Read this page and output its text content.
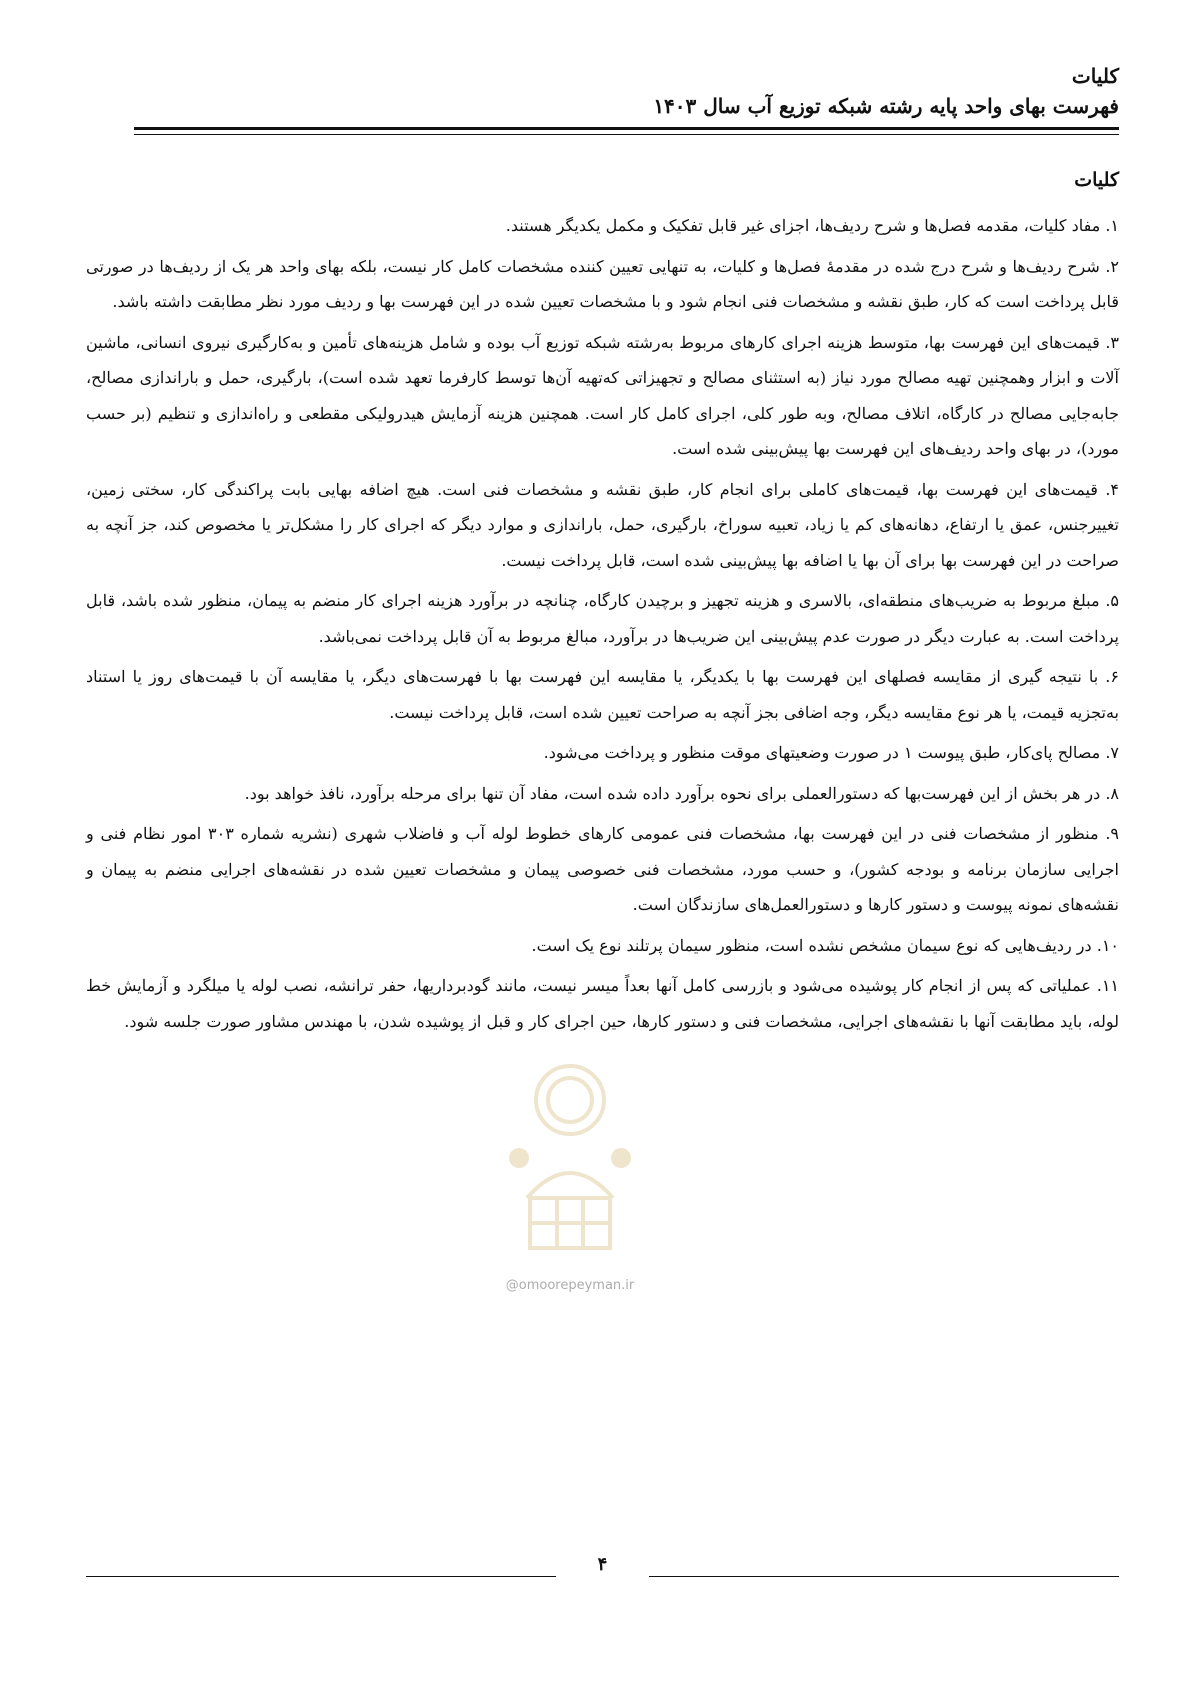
کلیات

فهرست بهای واحد پایه رشته شبکه توزیع آب سال ۱۴۰۳

کلیات

۱. مفاد کلیات، مقدمه فصل‌ها و شرح ردیف‌ها، اجزای غیر قابل تفکیک و مکمل یکدیگر هستند.

۲. شرح ردیف‌ها و شرح درج شده در مقدمهٔ فصل‌ها و کلیات، به تنهایی تعیین کننده مشخصات کامل کار نیست، بلکه بهای واحد هر یک از ردیف‌ها در صورتی قابل پرداخت است که کار، طبق نقشه و مشخصات فنی انجام شود و با مشخصات تعیین شده در این فهرست بها و ردیف مورد نظر مطابقت داشته باشد.

۳. قیمت‌های این فهرست بها، متوسط هزینه اجرای کارهای مربوط به‌رشته شبکه توزیع آب بوده و شامل هزینه‌های تأمین و به‌کارگیری نیروی انسانی، ماشین آلات و ابزار وهمچنین تهیه مصالح مورد نیاز (به استثنای مصالح و تجهیزاتی که‌تهیه آن‌ها توسط کارفرما تعهد شده است)، بارگیری، حمل و باراندازی مصالح، جابه‌جایی مصالح در کارگاه، اتلاف مصالح، وبه طور کلی، اجرای کامل کار است. همچنین هزینه آزمایش هیدرولیکی مقطعی و راه‌اندازی و تنظیم (بر حسب مورد)، در بهای واحد ردیف‌های این فهرست بها پیش‌بینی شده است.

۴. قیمت‌های این فهرست بها، قیمت‌های کاملی برای انجام کار، طبق نقشه و مشخصات فنی است. هیچ اضافه بهایی بابت پراکندگی کار، سختی زمین، تغییرجنس، عمق یا ارتفاع، دهانه‌های کم یا زیاد، تعبیه سوراخ، بارگیری، حمل، باراندازی و موارد دیگر که اجرای کار را مشکل‌تر یا مخصوص کند، جز آنچه به صراحت در این فهرست بها برای آن بها یا اضافه بها پیش‌بینی شده است، قابل پرداخت نیست.

۵. مبلغ مربوط به ضریب‌های منطقه‌ای، بالاسری و هزینه تجهیز و برچیدن کارگاه، چنانچه در برآورد هزینه اجرای کار منضم به پیمان، منظور شده باشد، قابل پرداخت است. به عبارت دیگر در صورت عدم پیش‌بینی این ضریب‌ها در برآورد، مبالغ مربوط به آن قابل پرداخت نمی‌باشد.

۶. با نتیجه گیری از مقایسه فصلهای این فهرست بها با یکدیگر، یا مقایسه این فهرست بها با فهرست‌های دیگر، یا مقایسه آن با قیمت‌های روز یا استناد به‌تجزیه قیمت، یا هر نوع مقایسه دیگر، وجه اضافی بجز آنچه به صراحت تعیین شده است، قابل پرداخت نیست.

۷. مصالح پای‌کار، طبق پیوست ۱ در صورت وضعیتهای موقت منظور و پرداخت می‌شود.

۸. در هر بخش از این فهرست‌بها که دستورالعملی برای نحوه برآورد داده شده است، مفاد آن تنها برای مرحله برآورد، نافذ خواهد بود.

۹. منظور از مشخصات فنی در این فهرست بها، مشخصات فنی عمومی کارهای خطوط لوله آب و فاضلاب شهری (نشریه شماره ۳۰۳ امور نظام فنی و اجرایی سازمان برنامه و بودجه کشور)، و حسب مورد، مشخصات فنی خصوصی پیمان و مشخصات تعیین شده در نقشه‌های اجرایی منضم به پیمان و نقشه‌های نمونه پیوست و دستور کارها و دستورالعمل‌های سازندگان است.

۱۰. در ردیف‌هایی که نوع سیمان مشخص نشده است، منظور سیمان پرتلند نوع یک است.

۱۱. عملیاتی که پس از انجام کار پوشیده می‌شود و بازرسی کامل آنها بعداً میسر نیست، مانند گودبرداریها، حفر ترانشه، نصب لوله یا میلگرد و آزمایش خط لوله، باید مطابقت آنها با نقشه‌های اجرایی، مشخصات فنی و دستور کارها، حین اجرای کار و قبل از پوشیده شدن، با مهندس مشاور صورت جلسه شود.

@omoorepeyman.ir
۴
